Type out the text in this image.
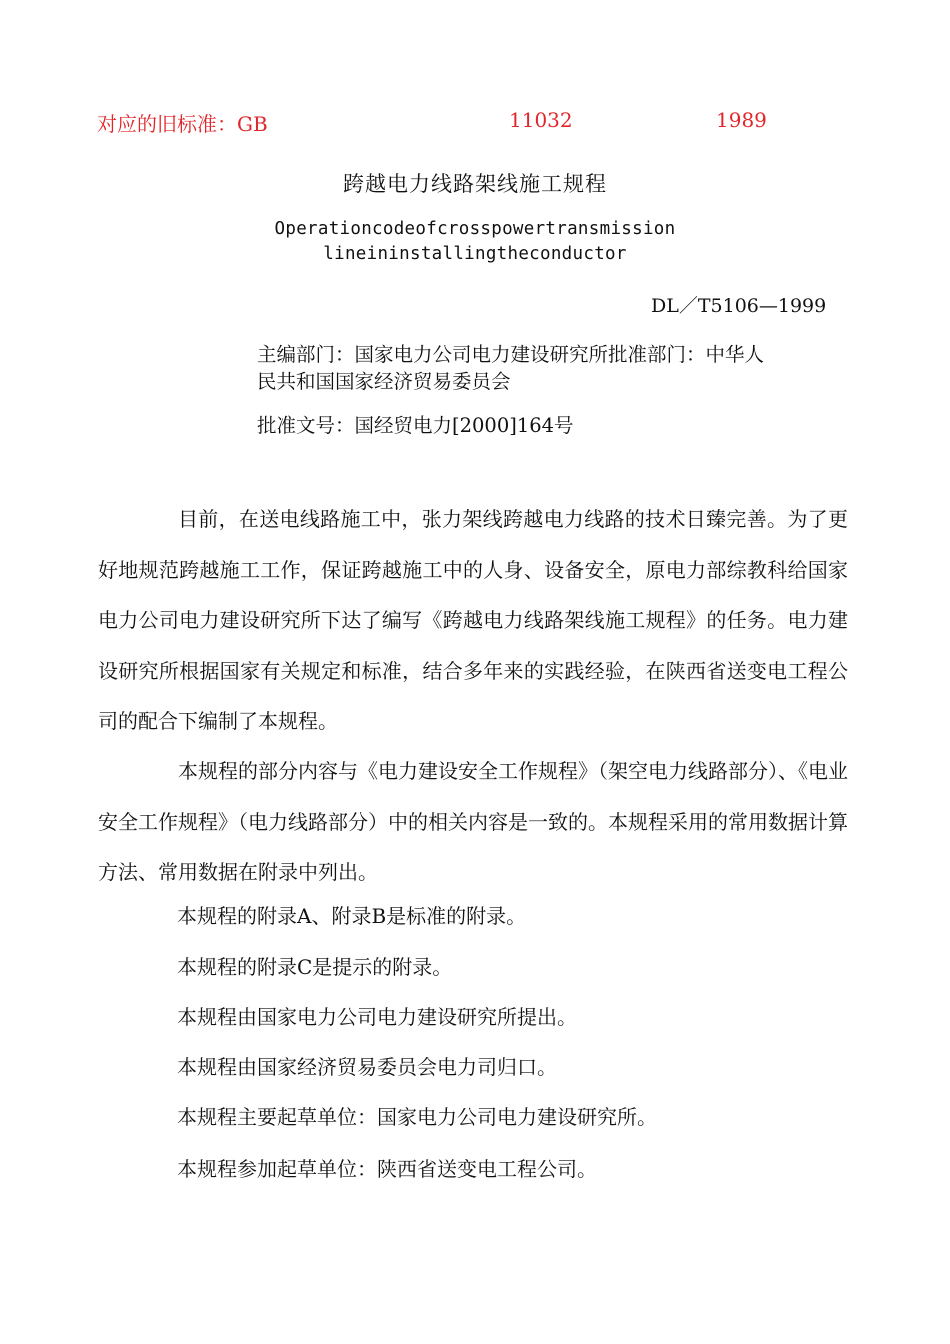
对应的旧标准：GB	11032	1989
跨越电力线路架线施工规程
Operationcodeofcrosspowertransmission
lineininstallingtheconductor
DL／T5106—1999
主编部门：国家电力公司电力建设研究所批准部门：中华人
民共和国国家经济贸易委员会
批准文号：国经贸电力[2000]164号

目前，在送电线路施工中，张力架线跨越电力线路的技术日臻完善。为了更好地规范跨越施工工作，保证跨越施工中的人身、设备安全，原电力部综教科给国家电力公司电力建设研究所下达了编写《跨越电力线路架线施工规程》的任务。电力建设研究所根据国家有关规定和标准，结合多年来的实践经验，在陕西省送变电工程公司的配合下编制了本规程。

本规程的部分内容与《电力建设安全工作规程》（架空电力线路部分）、《电业安全工作规程》（电力线路部分）中的相关内容是一致的。本规程采用的常用数据计算方法、常用数据在附录中列出。

本规程的附录A、附录B是标准的附录。
本规程的附录C是提示的附录。
本规程由国家电力公司电力建设研究所提出。
本规程由国家经济贸易委员会电力司归口。
本规程主要起草单位：国家电力公司电力建设研究所。
本规程参加起草单位：陕西省送变电工程公司。
